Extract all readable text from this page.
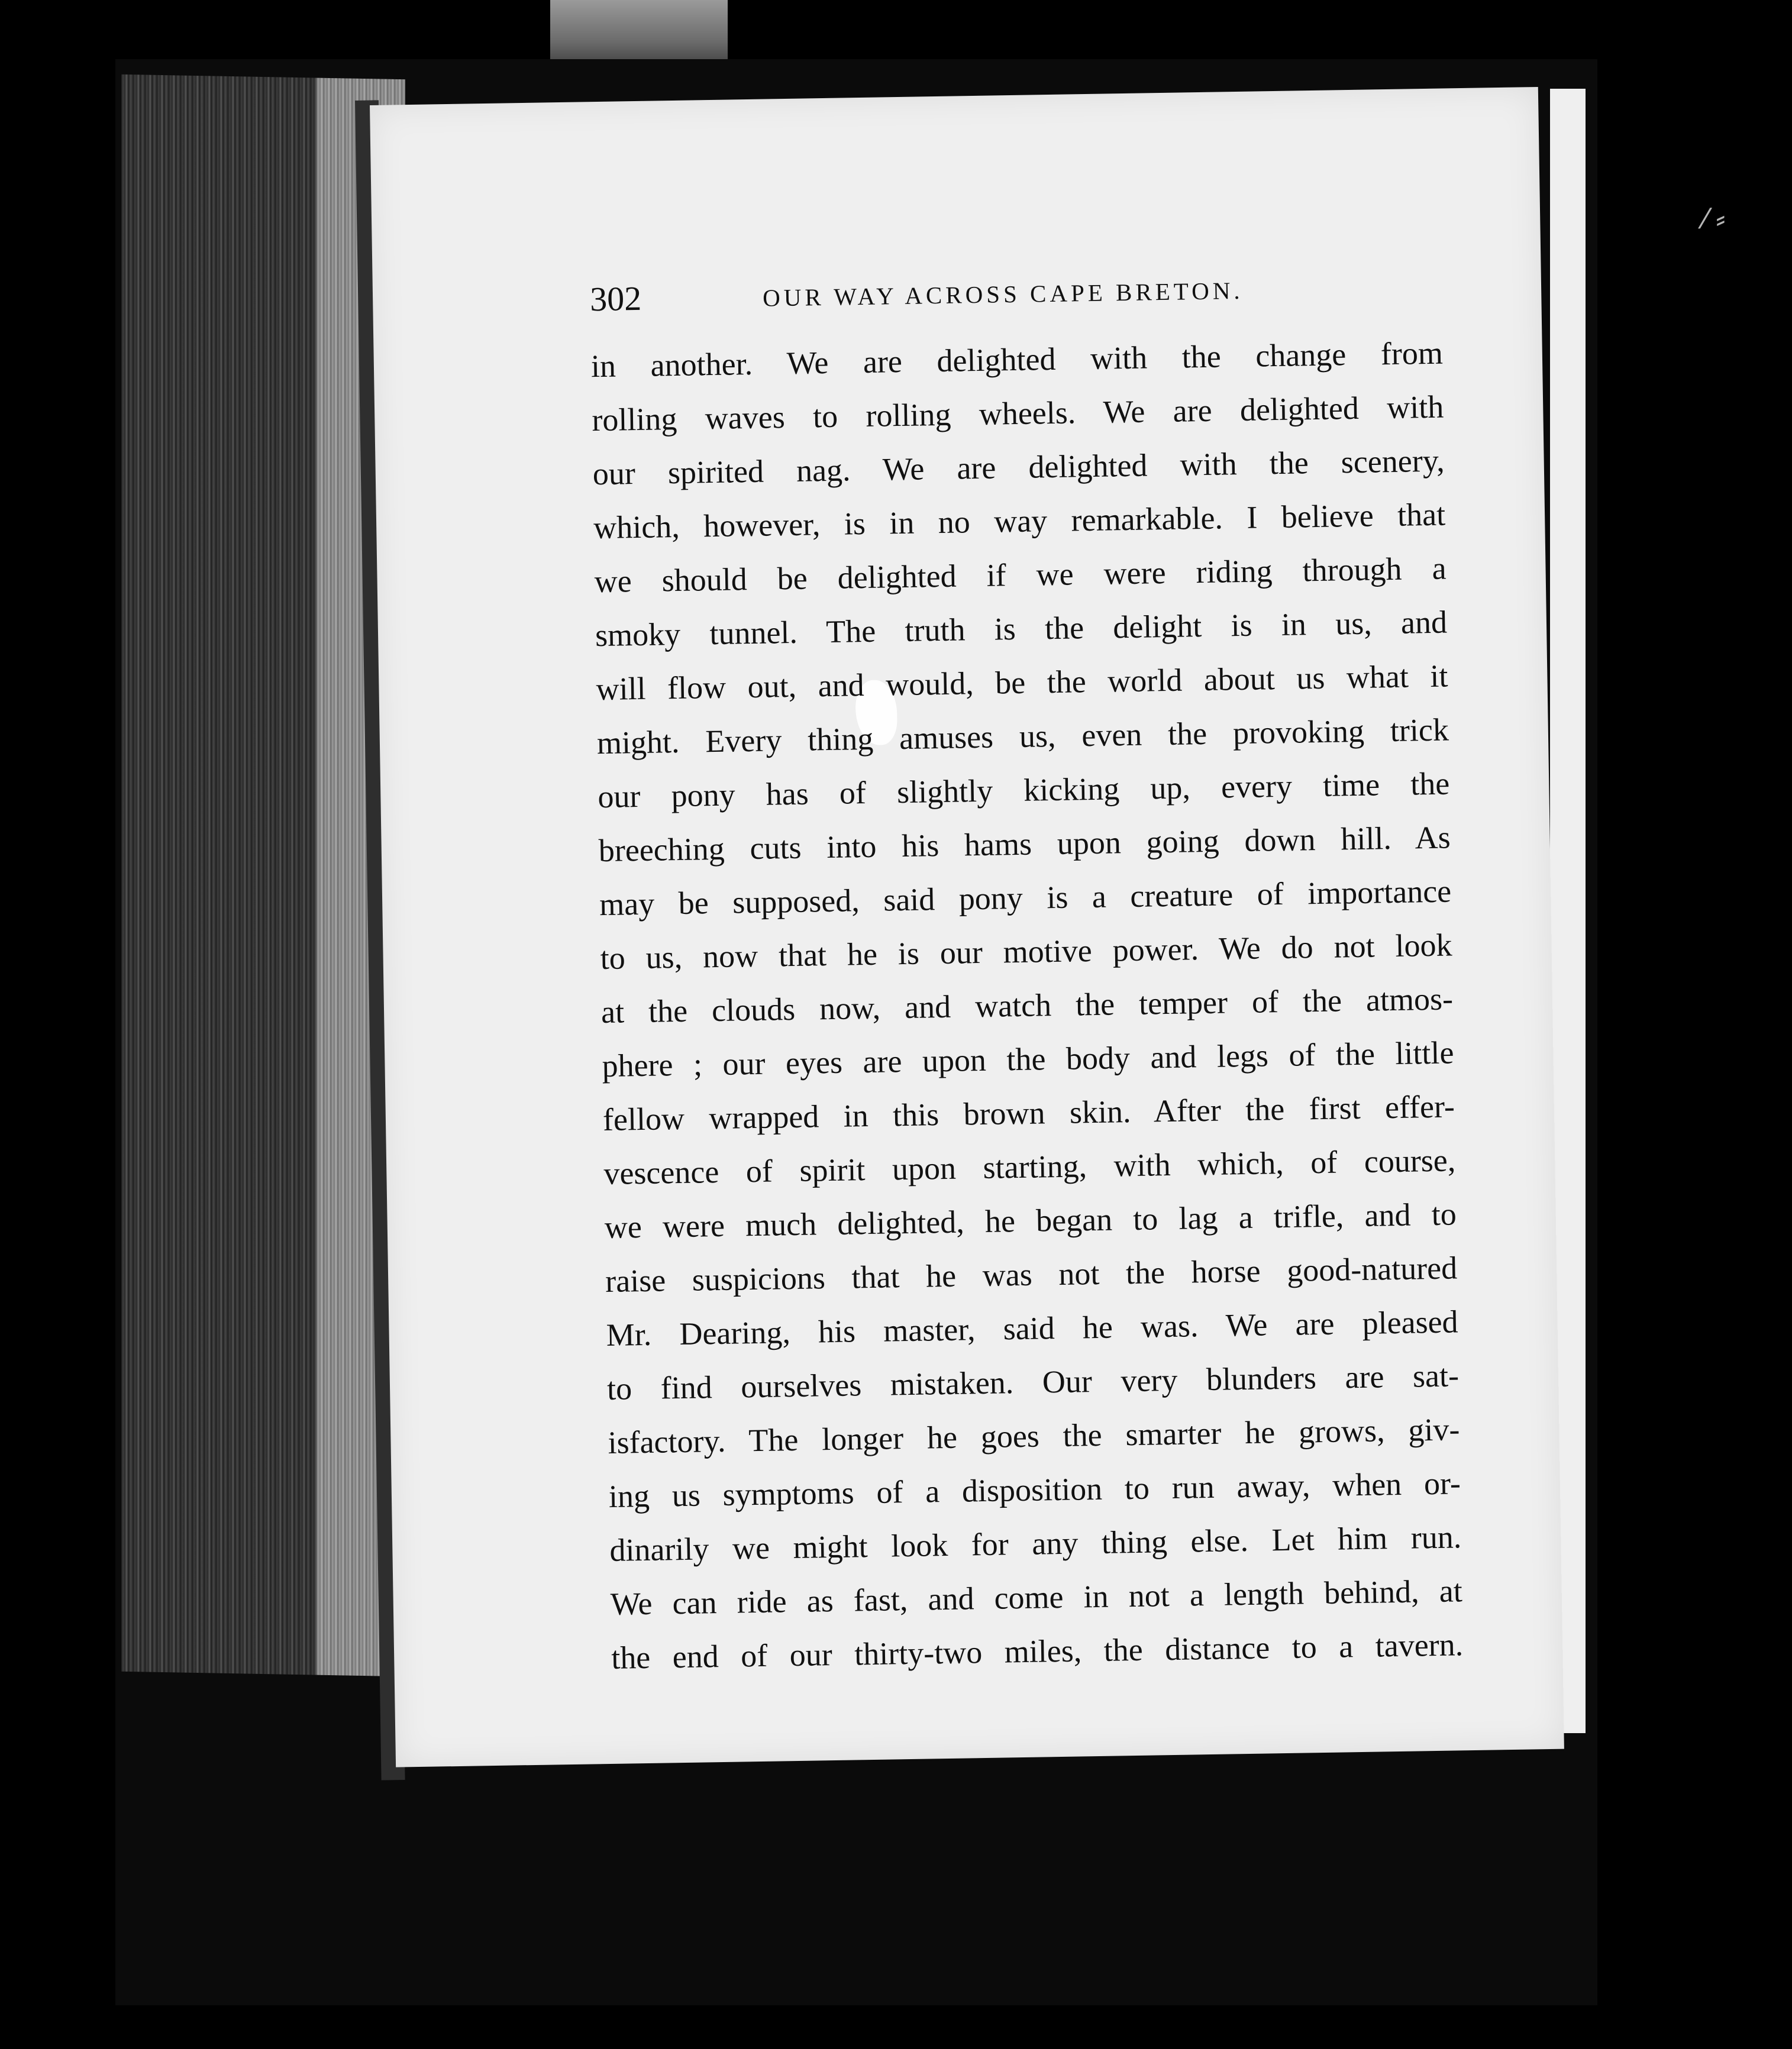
⁄ ⸗
302	OUR WAY ACROSS CAPE BRETON.
in another. We are delighted with the change from
rolling waves to rolling wheels. We are delighted with
our spirited nag. We are delighted with the scenery,
which, however, is in no way remarkable. I believe that
we should be delighted if we were riding through a
smoky tunnel. The truth is the delight is in us, and
will flow out, and would, be the world about us what it
might. Every thing amuses us, even the provoking trick
our pony has of slightly kicking up, every time the
breeching cuts into his hams upon going down hill. As
may be supposed, said pony is a creature of importance
to us, now that he is our motive power. We do not look
at the clouds now, and watch the temper of the atmos-
phere ; our eyes are upon the body and legs of the little
fellow wrapped in this brown skin. After the first effer-
vescence of spirit upon starting, with which, of course,
we were much delighted, he began to lag a trifle, and to
raise suspicions that he was not the horse good-natured
Mr. Dearing, his master, said he was. We are pleased
to find ourselves mistaken. Our very blunders are sat-
isfactory. The longer he goes the smarter he grows, giv-
ing us symptoms of a disposition to run away, when or-
dinarily we might look for any thing else. Let him run.
We can ride as fast, and come in not a length behind, at
the end of our thirty-two miles, the distance to a tavern.
